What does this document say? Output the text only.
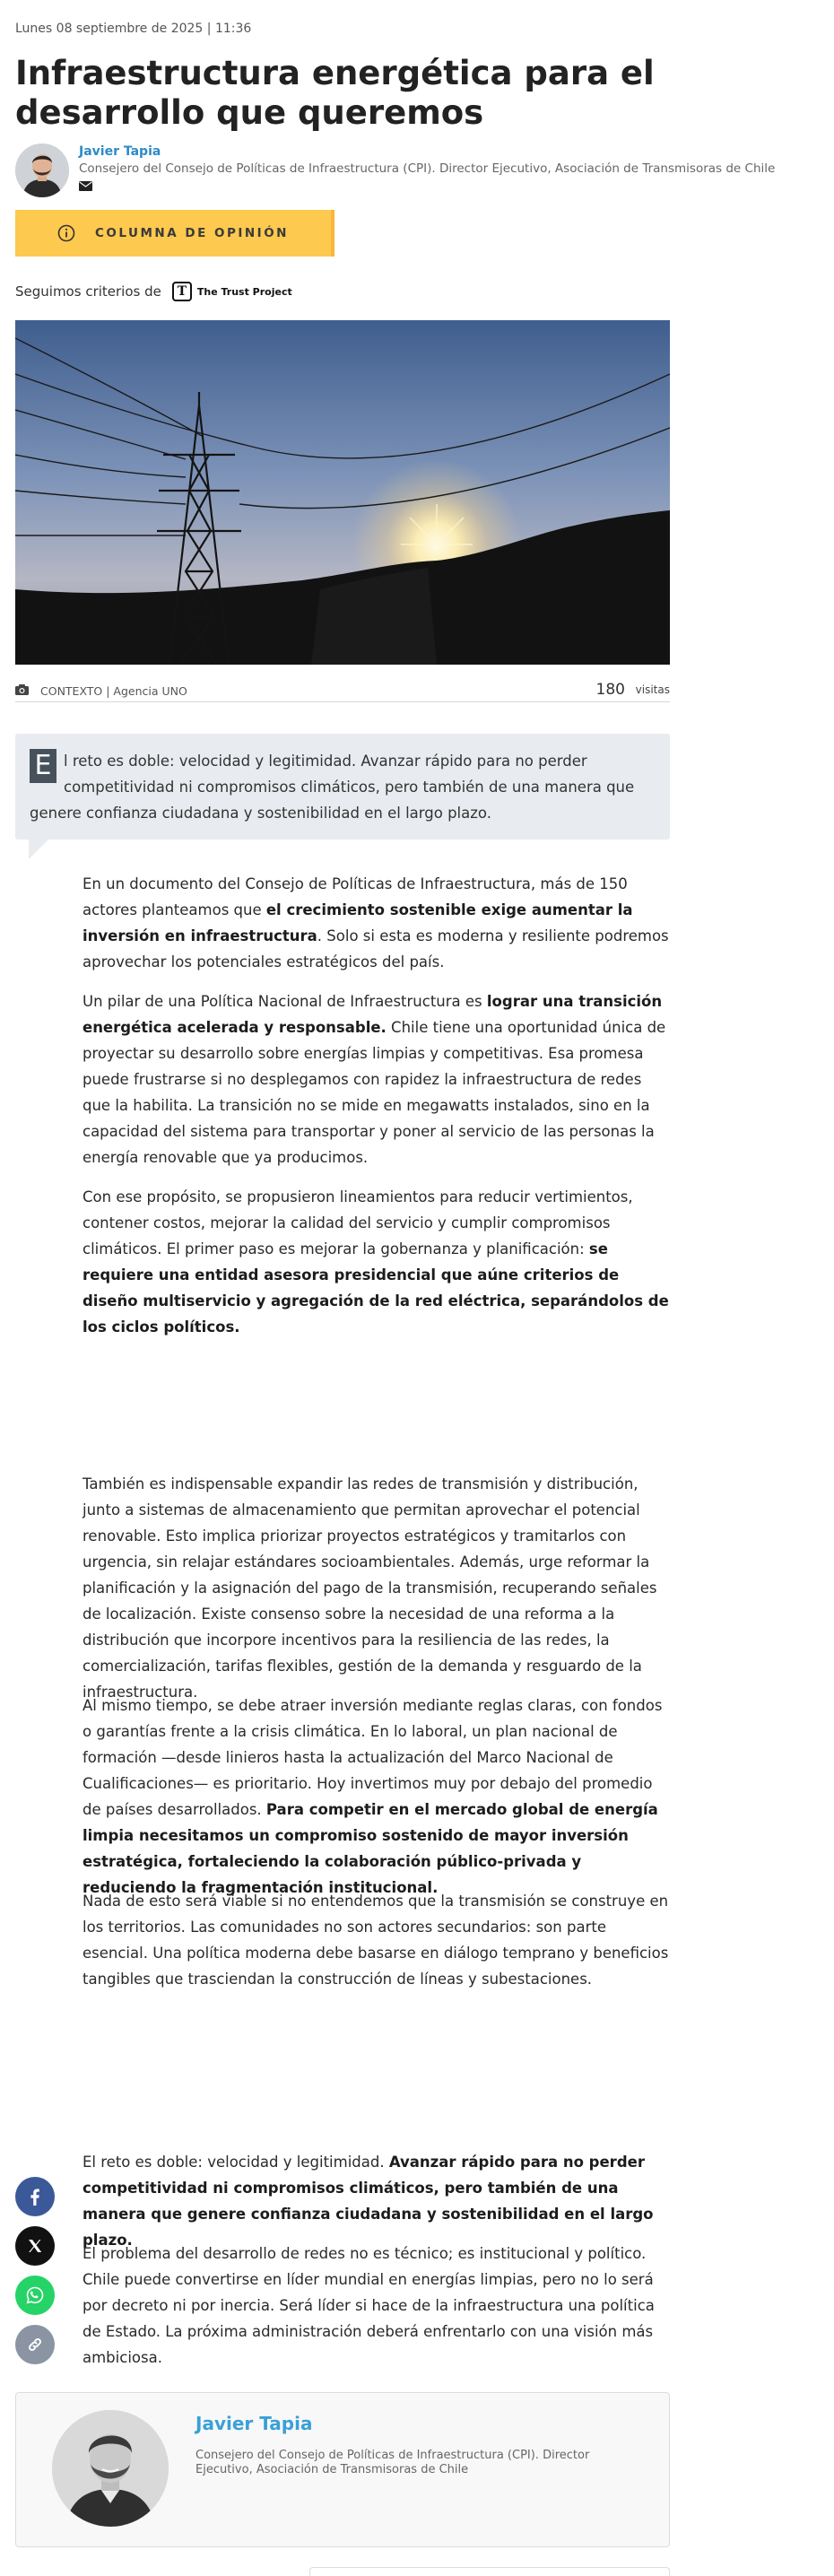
Lunes 08 septiembre de 2025 | 11:36
Infraestructura energética para el desarrollo que queremos
Javier Tapia
Consejero del Consejo de Políticas de Infraestructura (CPI). Director Ejecutivo, Asociación de Transmisoras de Chile
COLUMNA DE OPINIÓN
Seguimos criterios de	T	The Trust Project
CONTEXTO | Agencia UNO	180 visitas

E l reto es doble: velocidad y legitimidad. Avanzar rápido para no perder competitividad ni compromisos climáticos, pero también de una manera que genere confianza ciudadana y sostenibilidad en el largo plazo.

En un documento del Consejo de Políticas de Infraestructura, más de 150 actores planteamos que el crecimiento sostenible exige aumentar la inversión en infraestructura. Solo si esta es moderna y resiliente podremos aprovechar los potenciales estratégicos del país.

Un pilar de una Política Nacional de Infraestructura es lograr una transición energética acelerada y responsable. Chile tiene una oportunidad única de proyectar su desarrollo sobre energías limpias y competitivas. Esa promesa puede frustrarse si no desplegamos con rapidez la infraestructura de redes que la habilita. La transición no se mide en megawatts instalados, sino en la capacidad del sistema para transportar y poner al servicio de las personas la energía renovable que ya producimos.

Con ese propósito, se propusieron lineamientos para reducir vertimientos, contener costos, mejorar la calidad del servicio y cumplir compromisos climáticos. El primer paso es mejorar la gobernanza y planificación: se requiere una entidad asesora presidencial que aúne criterios de diseño multiservicio y agregación de la red eléctrica, separándolos de los ciclos políticos.

También es indispensable expandir las redes de transmisión y distribución, junto a sistemas de almacenamiento que permitan aprovechar el potencial renovable. Esto implica priorizar proyectos estratégicos y tramitarlos con urgencia, sin relajar estándares socioambientales. Además, urge reformar la planificación y la asignación del pago de la transmisión, recuperando señales de localización. Existe consenso sobre la necesidad de una reforma a la distribución que incorpore incentivos para la resiliencia de las redes, la comercialización, tarifas flexibles, gestión de la demanda y resguardo de la infraestructura.

Al mismo tiempo, se debe atraer inversión mediante reglas claras, con fondos o garantías frente a la crisis climática. En lo laboral, un plan nacional de formación —desde linieros hasta la actualización del Marco Nacional de Cualificaciones— es prioritario. Hoy invertimos muy por debajo del promedio de países desarrollados. Para competir en el mercado global de energía limpia necesitamos un compromiso sostenido de mayor inversión estratégica, fortaleciendo la colaboración público-privada y reduciendo la fragmentación institucional.

Nada de esto será viable si no entendemos que la transmisión se construye en los territorios. Las comunidades no son actores secundarios: son parte esencial. Una política moderna debe basarse en diálogo temprano y beneficios tangibles que trasciendan la construcción de líneas y subestaciones.

El reto es doble: velocidad y legitimidad. Avanzar rápido para no perder competitividad ni compromisos climáticos, pero también de una manera que genere confianza ciudadana y sostenibilidad en el largo plazo.

El problema del desarrollo de redes no es técnico; es institucional y político. Chile puede convertirse en líder mundial en energías limpias, pero no lo será por decreto ni por inercia. Será líder si hace de la infraestructura una política de Estado. La próxima administración deberá enfrentarlo con una visión más ambiciosa.

Javier Tapia
Consejero del Consejo de Políticas de Infraestructura (CPI). Director Ejecutivo, Asociación de Transmisoras de Chile
